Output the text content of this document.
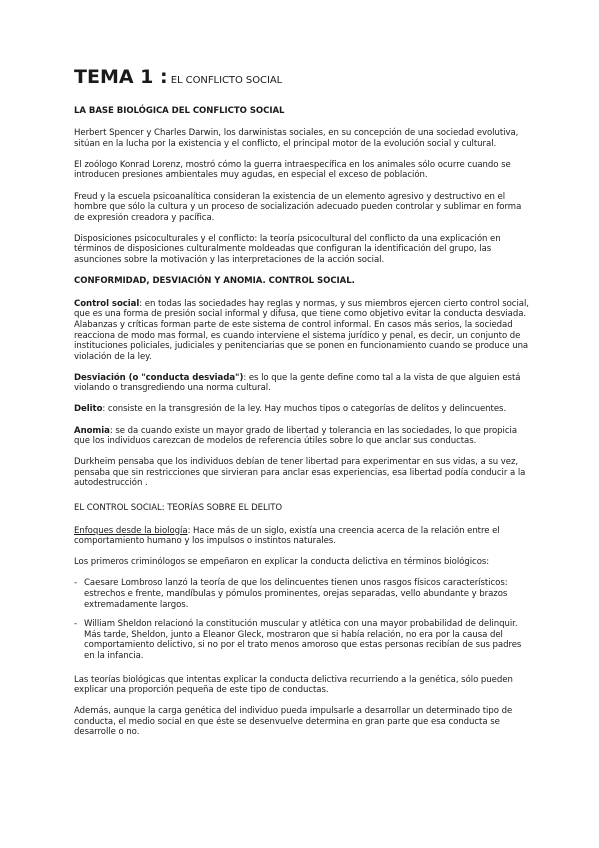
TEMA 1 : EL CONFLICTO SOCIAL
LA BASE BIOLÓGICA DEL CONFLICTO SOCIAL

Herbert Spencer y Charles Darwin, los darwinistas sociales, en su concepción de una sociedad evolutiva, sitúan en la lucha por la existencia y el conflicto, el principal motor de la evolución social y cultural.

El zoólogo Konrad Lorenz, mostró cómo la guerra intraespecífica en los animales sólo ocurre cuando se introducen presiones ambientales muy agudas, en especial el exceso de población.

Freud y la escuela psicoanalítica consideran la existencia de un elemento agresivo y destructivo en el hombre que sólo la cultura y un proceso de socialización adecuado pueden controlar y sublimar en forma de expresión creadora y pacífica.

Disposiciones psicoculturales y el conflicto: la teoría psicocultural del conflicto da una explicación en términos de disposiciones culturalmente moldeadas que configuran la identificación del grupo, las asunciones sobre la motivación y las interpretaciones de la acción social.

CONFORMIDAD, DESVIACIÓN Y ANOMIA. CONTROL SOCIAL.

Control social: en todas las sociedades hay reglas y normas, y sus miembros ejercen cierto control social, que es una forma de presión social informal y difusa, que tiene como objetivo evitar la conducta desviada. Alabanzas y críticas forman parte de este sistema de control informal. En casos más serios, la sociedad reacciona de modo mas formal, es cuando interviene el sistema jurídico y penal, es decir, un conjunto de instituciones policiales, judiciales y penitenciarias que se ponen en funcionamiento cuando se produce una violación de la ley.

Desviación (o "conducta desviada"): es lo que la gente define como tal a la vista de que alguien está violando o transgrediendo una norma cultural.

Delito: consiste en la transgresión de la ley. Hay muchos tipos o categorías de delitos y delincuentes.

Anomia: se da cuando existe un mayor grado de libertad y tolerancia en las sociedades, lo que propicia que los individuos carezcan de modelos de referencia útiles sobre lo que anclar sus conductas.

Durkheim pensaba que los individuos debían de tener libertad para experimentar en sus vidas, a su vez, pensaba que sin restricciones que sirvieran para anclar esas experiencias, esa libertad podía conducir a la autodestrucción .

EL CONTROL SOCIAL: TEORÍAS SOBRE EL DELITO

Enfoques desde la biología: Hace más de un siglo, existía una creencia acerca de la relación entre el comportamiento humano y los impulsos o instintos naturales.

Los primeros criminólogos se empeñaron en explicar la conducta delictiva en términos biológicos:

- Caesare Lombroso lanzó la teoría de que los delincuentes tienen unos rasgos físicos característicos: estrechos e frente, mandíbulas y pómulos prominentes, orejas separadas, vello abundante y brazos extremadamente largos.
- William Sheldon relacionó la constitución muscular y atlética con una mayor probabilidad de delinquir. Más tarde, Sheldon, junto a Eleanor Gleck, mostraron que si había relación, no era por la causa del comportamiento delictivo, si no por el trato menos amoroso que estas personas recibían de sus padres en la infancia.

Las teorías biológicas que intentas explicar la conducta delictiva recurriendo a la genética, sólo pueden explicar una proporción pequeña de este tipo de conductas.

Además, aunque la carga genética del individuo pueda impulsarle a desarrollar un determinado tipo de conducta, el medio social en que éste se desenvuelve determina en gran parte que esa conducta se desarrolle o no.
